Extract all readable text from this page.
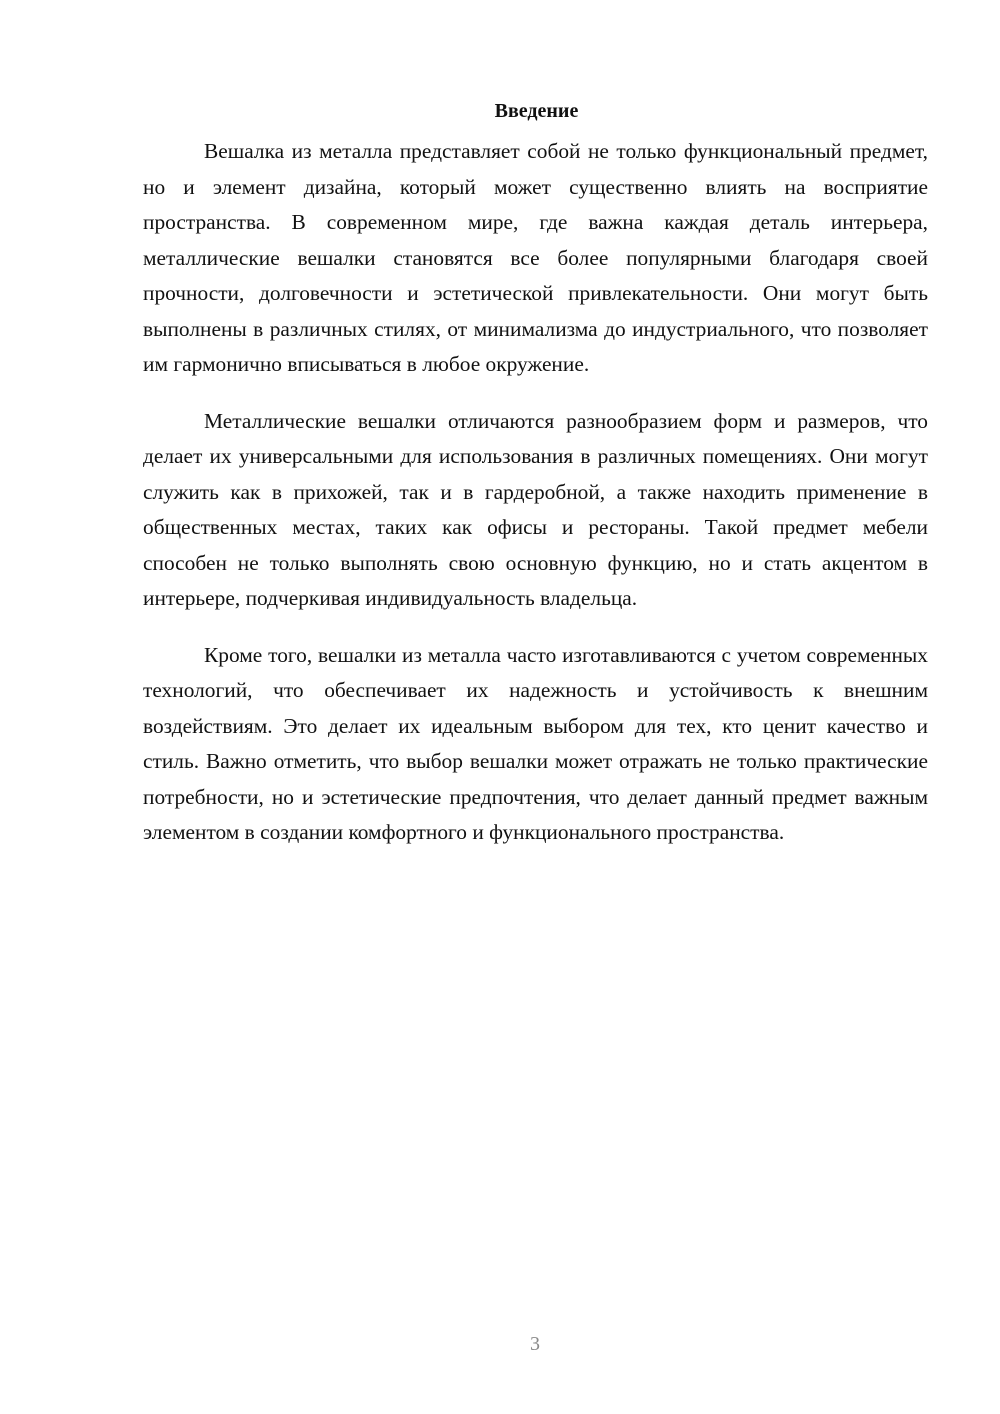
Введение

Вешалка из металла представляет собой не только функциональный предмет, но и элемент дизайна, который может существенно влиять на восприятие пространства. В современном мире, где важна каждая деталь интерьера, металлические вешалки становятся все более популярными благодаря своей прочности, долговечности и эстетической привлекательности. Они могут быть выполнены в различных стилях, от минимализма до индустриального, что позволяет им гармонично вписываться в любое окружение.

Металлические вешалки отличаются разнообразием форм и размеров, что делает их универсальными для использования в различных помещениях. Они могут служить как в прихожей, так и в гардеробной, а также находить применение в общественных местах, таких как офисы и рестораны. Такой предмет мебели способен не только выполнять свою основную функцию, но и стать акцентом в интерьере, подчеркивая индивидуальность владельца.

Кроме того, вешалки из металла часто изготавливаются с учетом современных технологий, что обеспечивает их надежность и устойчивость к внешним воздействиям. Это делает их идеальным выбором для тех, кто ценит качество и стиль. Важно отметить, что выбор вешалки может отражать не только практические потребности, но и эстетические предпочтения, что делает данный предмет важным элементом в создании комфортного и функционального пространства.

3
